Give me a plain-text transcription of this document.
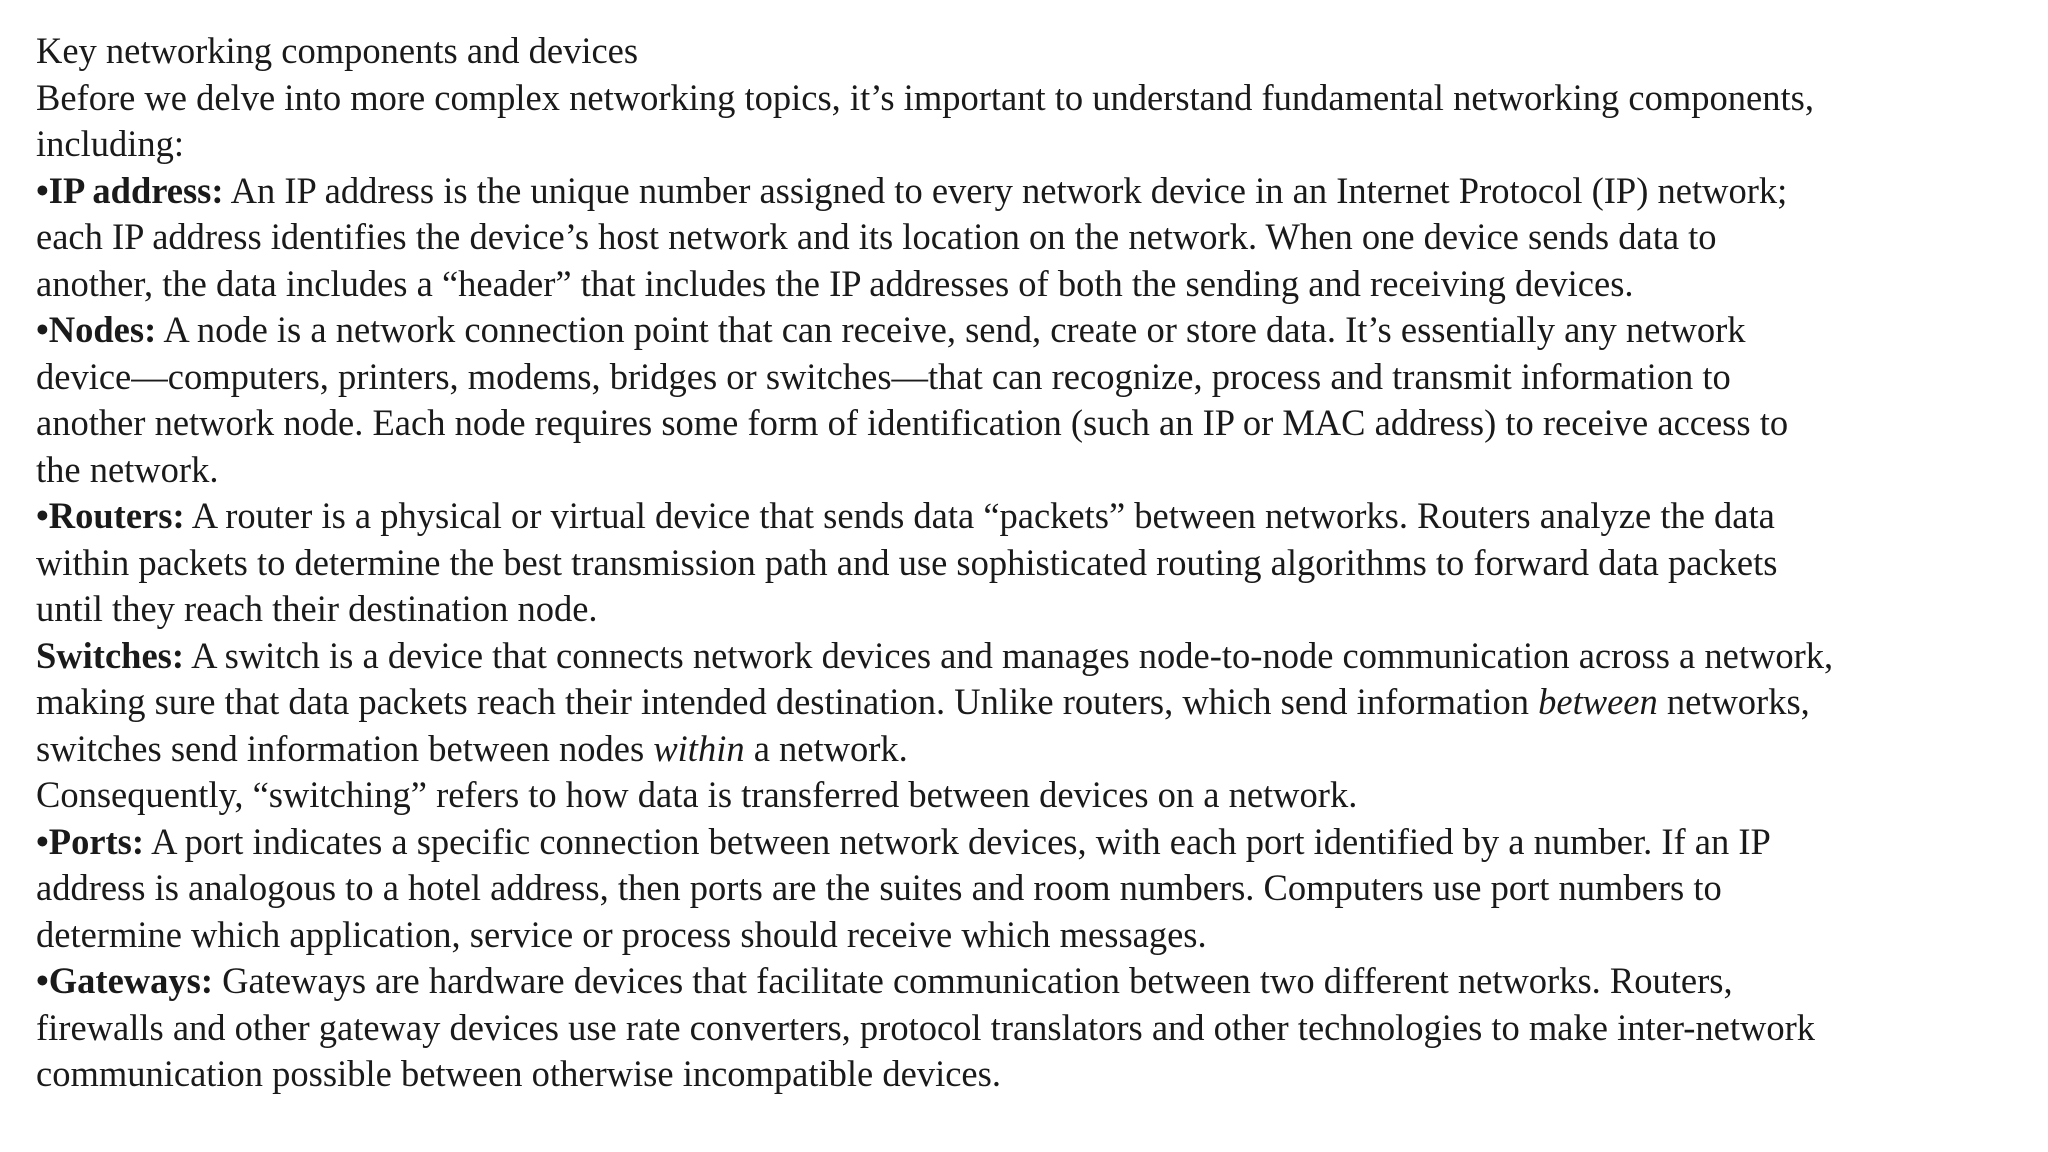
Key networking components and devices
Before we delve into more complex networking topics, it’s important to understand fundamental networking components,
including:
•IP address: An IP address is the unique number assigned to every network device in an Internet Protocol (IP) network;
each IP address identifies the device’s host network and its location on the network. When one device sends data to
another, the data includes a “header” that includes the IP addresses of both the sending and receiving devices.
•Nodes: A node is a network connection point that can receive, send, create or store data. It’s essentially any network
device—computers, printers, modems, bridges or switches—that can recognize, process and transmit information to
another network node. Each node requires some form of identification (such an IP or MAC address) to receive access to
the network.
•Routers: A router is a physical or virtual device that sends data “packets” between networks. Routers analyze the data
within packets to determine the best transmission path and use sophisticated routing algorithms to forward data packets
until they reach their destination node.
Switches: A switch is a device that connects network devices and manages node-to-node communication across a network,
making sure that data packets reach their intended destination. Unlike routers, which send information between networks,
switches send information between nodes within a network.
Consequently, “switching” refers to how data is transferred between devices on a network.
•Ports: A port indicates a specific connection between network devices, with each port identified by a number. If an IP
address is analogous to a hotel address, then ports are the suites and room numbers. Computers use port numbers to
determine which application, service or process should receive which messages.
•Gateways: Gateways are hardware devices that facilitate communication between two different networks. Routers,
firewalls and other gateway devices use rate converters, protocol translators and other technologies to make inter-network
communication possible between otherwise incompatible devices.
